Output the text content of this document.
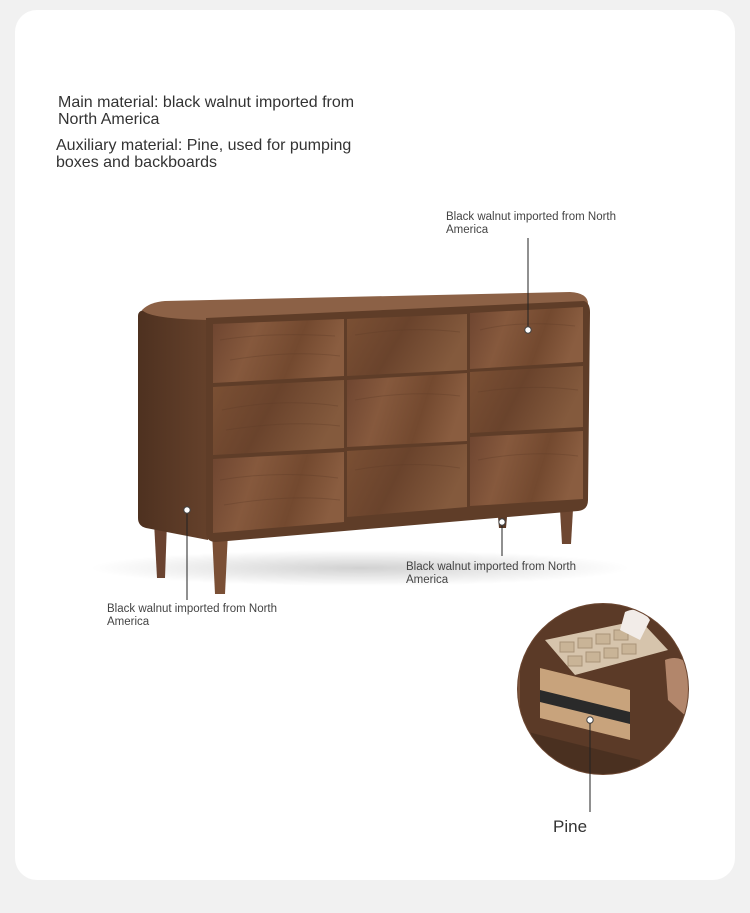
Main material: black walnut imported from North America
Auxiliary material: Pine, used for pumping boxes and backboards
Black walnut imported from North America
Black walnut imported from North America
Black walnut imported from North America
Pine
